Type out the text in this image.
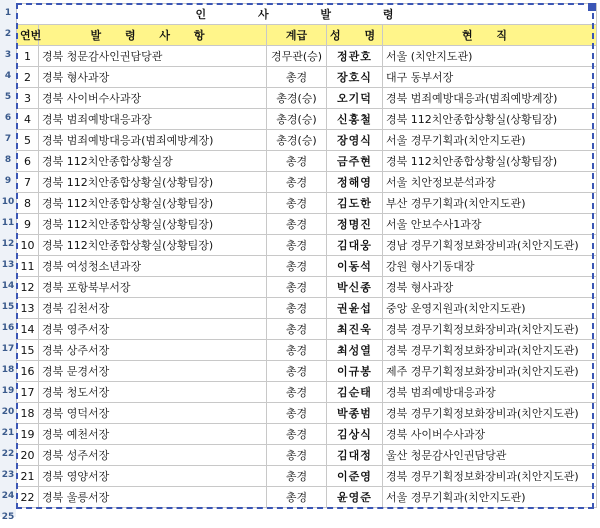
1
2
3
4
5
6
7
8
9
10
11
12
13
14
15
16
17
18
19
20
21
22
23
24
25
인 사 발 령				
연번	발 령 사 항	계급	성 명	현 직
1	경북 청문감사인권담당관	경무관(승)	정관호	서울 (치안지도관)
2	경북 형사과장	총경	장호식	대구 동부서장
3	경북 사이버수사과장	총경(승)	오기덕	경북 범죄예방대응과(범죄예방계장)
4	경북 범죄예방대응과장	총경(승)	신홍철	경북 112치안종합상황실(상황팀장)
5	경북 범죄예방대응과(범죄예방계장)	총경(승)	장영식	서울 경무기획과(치안지도관)
6	경북 112치안종합상황실장	총경	금주현	경북 112치안종합상황실(상황팀장)
7	경북 112치안종합상황실(상황팀장)	총경	정해영	서울 치안정보분석과장
8	경북 112치안종합상황실(상황팀장)	총경	김도한	부산 경무기획과(치안지도관)
9	경북 112치안종합상황실(상황팀장)	총경	정명진	서울 안보수사1과장
10	경북 112치안종합상황실(상황팀장)	총경	김대웅	경남 경무기획정보화장비과(치안지도관)
11	경북 여성청소년과장	총경	이동석	강원 형사기동대장
12	경북 포항북부서장	총경	박신종	경북 형사과장
13	경북 김천서장	총경	권윤섭	중앙 운영지원과(치안지도관)
14	경북 영주서장	총경	최진욱	경북 경무기획정보화장비과(치안지도관)
15	경북 상주서장	총경	최성열	경북 경무기획정보화장비과(치안지도관)
16	경북 문경서장	총경	이규봉	제주 경무기획정보화장비과(치안지도관)
17	경북 청도서장	총경	김순태	경북 범죄예방대응과장
18	경북 영덕서장	총경	박종범	경북 경무기획정보화장비과(치안지도관)
19	경북 예천서장	총경	김상식	경북 사이버수사과장
20	경북 성주서장	총경	김대정	울산 청문감사인권담당관
21	경북 영양서장	총경	이준영	경북 경무기획정보화장비과(치안지도관)
22	경북 울릉서장	총경	윤영준	서울 경무기획과(치안지도관)
